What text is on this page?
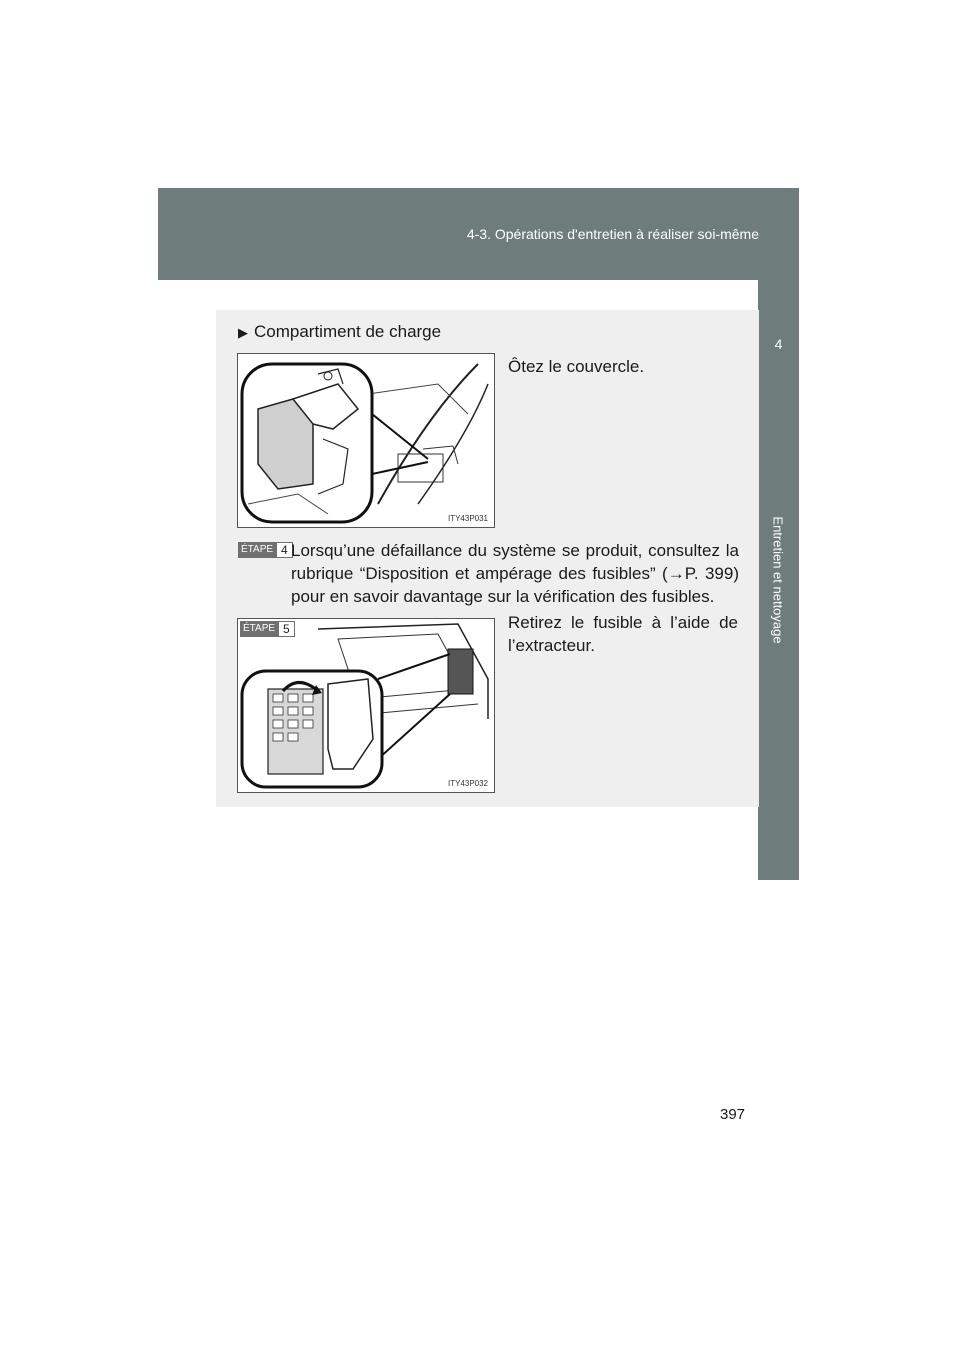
4-3. Opérations d'entretien à réaliser soi-même
4
Entretien et nettoyage
▶ Compartiment de charge
ITY43P031
Ôtez le couvercle.
ÉTAPE 4 Lorsqu’une défaillance du système se produit, consultez la rubrique “Disposition et ampérage des fusibles” (→P. 399) pour en savoir davantage sur la vérification des fusibles.
ITY43P032
ÉTAPE 5	Retirez le fusible à l’aide de l’extracteur.
397
